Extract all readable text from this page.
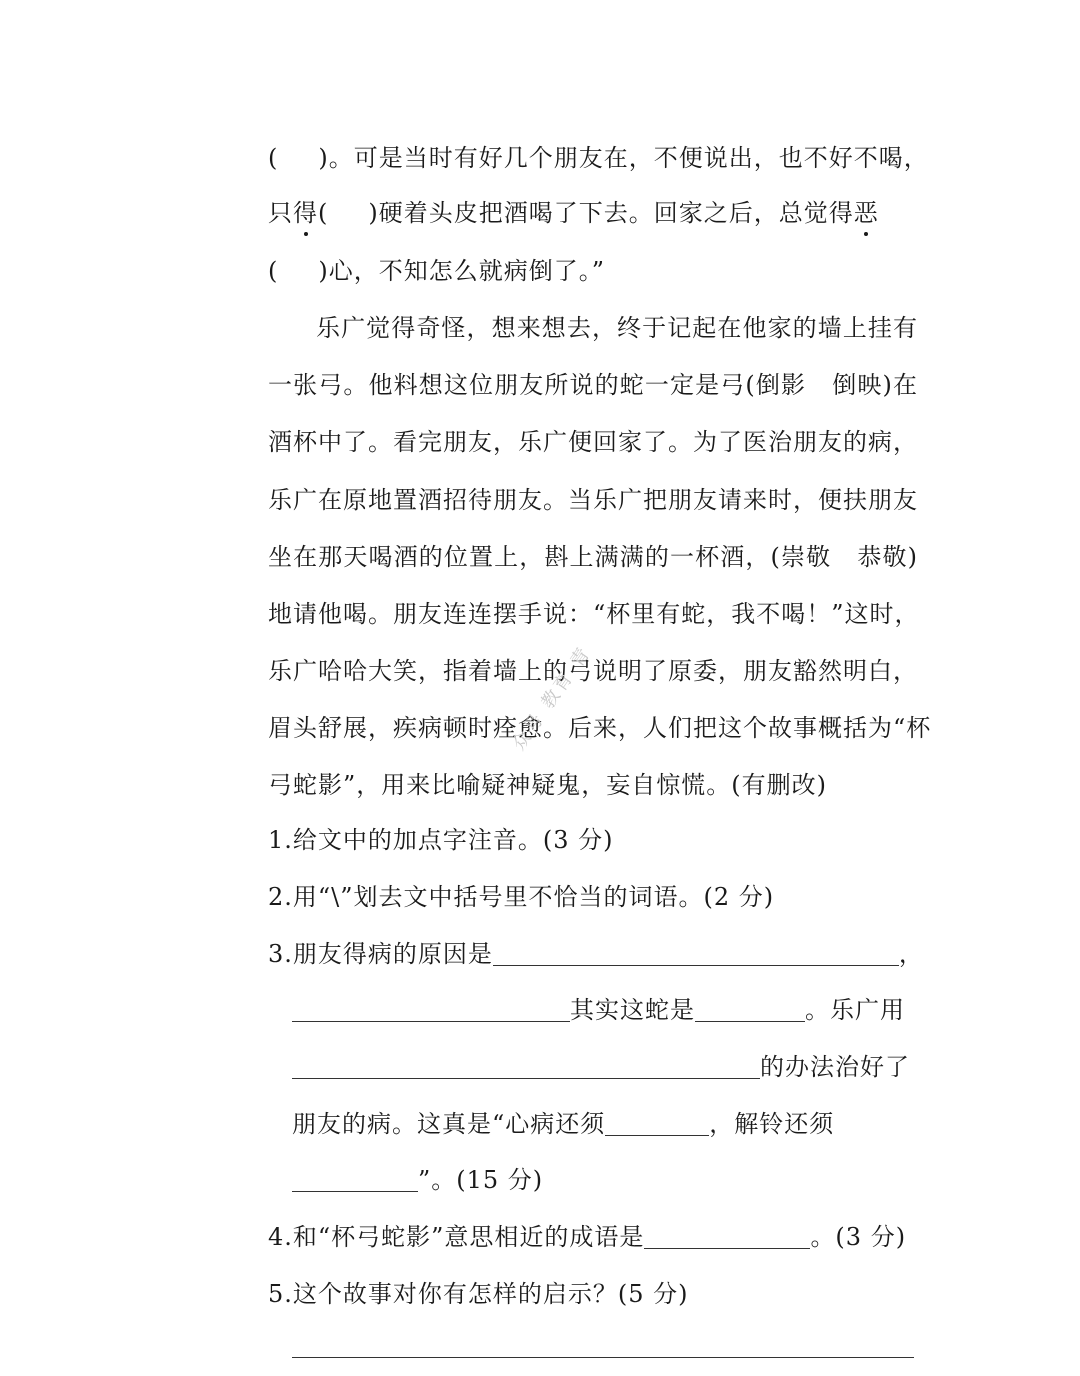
( )。可是当时有好几个朋友在，不便说出，也不好不喝，
只得( )硬着头皮把酒喝了下去。回家之后，总觉得恶
( )心，不知怎么就病倒了。”
乐广觉得奇怪，想来想去，终于记起在他家的墙上挂有
一张弓。他料想这位朋友所说的蛇一定是弓(倒影 倒映)在
酒杯中了。看完朋友，乐广便回家了。为了医治朋友的病，
乐广在原地置酒招待朋友。当乐广把朋友请来时，便扶朋友
坐在那天喝酒的位置上，斟上满满的一杯酒，(崇敬 恭敬)
地请他喝。朋友连连摆手说：“杯里有蛇，我不喝！”这时，
乐广哈哈大笑，指着墙上的弓说明了原委，朋友豁然明白，
眉头舒展，疾病顿时痊愈。后来，人们把这个故事概括为“杯
弓蛇影”，用来比喻疑神疑鬼，妄自惊慌。(有删改)
1.给文中的加点字注音。(3 分)
2.用“\”划去文中括号里不恰当的词语。(2 分)
3.朋友得病的原因是	，
其实这蛇是	。乐广用
的办法治好了
朋友的病。这真是“心病还须	，解铃还须
”。(15 分)
4.和“杯弓蛇影”意思相近的成语是	。(3 分)
5.这个故事对你有怎样的启示？(5 分)
众号 教育 青
